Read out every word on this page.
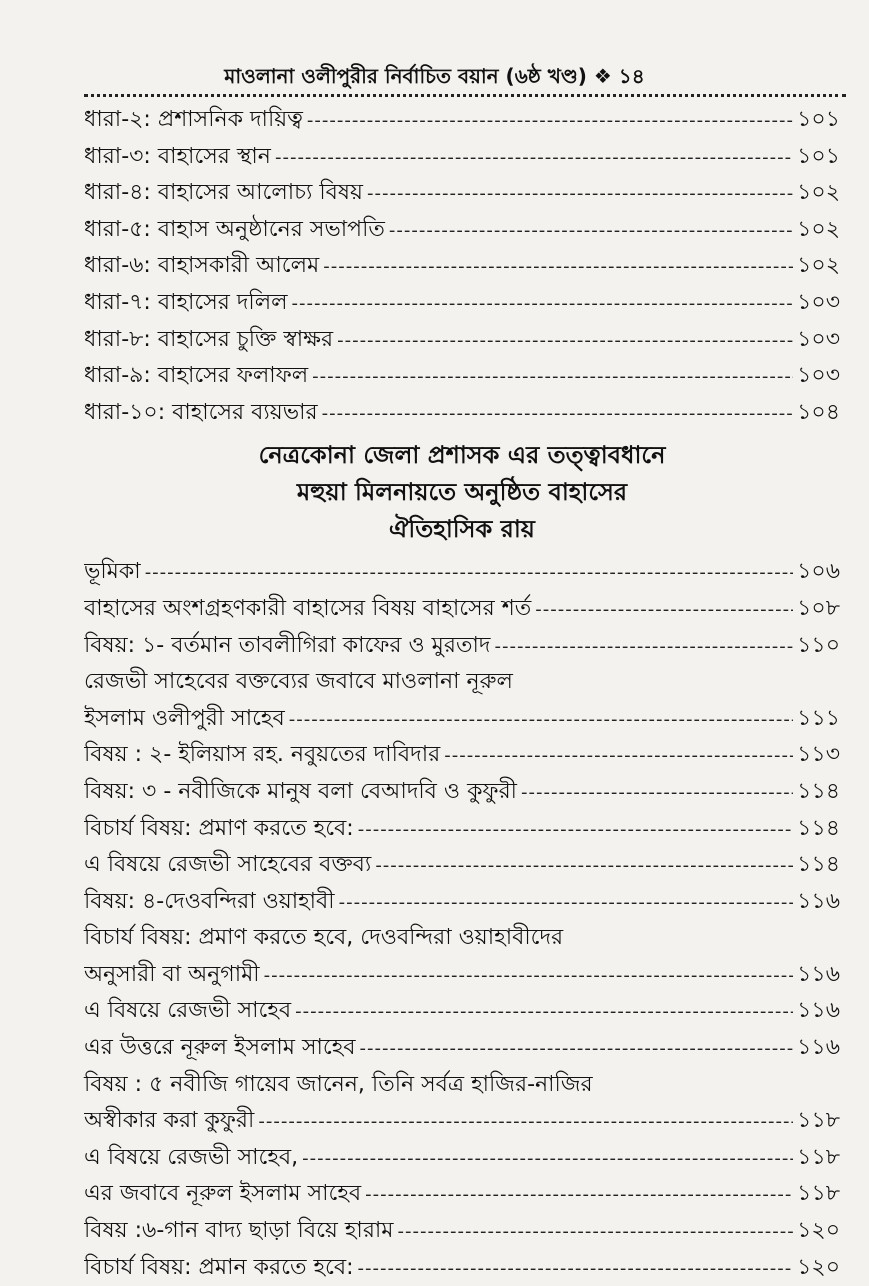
মাওলানা ওলীপুরীর নির্বাচিত বয়ান (৬ষ্ঠ খণ্ড) ❖ ১৪
ধারা-২: প্রশাসনিক দায়িত্ব -----	১০১
ধারা-৩: বাহাসের স্থান -----	১০১
ধারা-৪: বাহাসের আলোচ্য বিষয় -----	১০২
ধারা-৫: বাহাস অনুষ্ঠানের সভাপতি -----	১০২
ধারা-৬: বাহাসকারী আলেম -----	১০২
ধারা-৭: বাহাসের দলিল -----	১০৩
ধারা-৮: বাহাসের চুক্তি স্বাক্ষর -----	১০৩
ধারা-৯: বাহাসের ফলাফল -----	১০৩
ধারা-১০: বাহাসের ব্যয়ভার -----	১০৪
নেত্রকোনা জেলা প্রশাসক এর তত্ত্বাবধানে
মহুয়া মিলনায়তে অনুষ্ঠিত বাহাসের
ঐতিহাসিক রায়
ভূমিকা -----	১০৬
বাহাসের অংশগ্রহণকারী বাহাসের বিষয় বাহাসের শর্ত -----	১০৮
বিষয়: ১- বর্তমান তাবলীগিরা কাফের ও মুরতাদ -----	১১০
রেজভী সাহেবের বক্তব্যের জবাবে মাওলানা নূরুল
ইসলাম ওলীপুরী সাহেব -----	১১১
বিষয় : ২- ইলিয়াস রহ. নবুয়তের দাবিদার -----	১১৩
বিষয়: ৩ - নবীজিকে মানুষ বলা বেআদবি ও কুফুরী -----	১১৪
বিচার্য বিষয়: প্রমাণ করতে হবে: -----	১১৪
এ বিষয়ে রেজভী সাহেবের বক্তব্য -----	১১৪
বিষয়: ৪-দেওবন্দিরা ওয়াহাবী -----	১১৬
বিচার্য বিষয়: প্রমাণ করতে হবে, দেওবন্দিরা ওয়াহাবীদের
অনুসারী বা অনুগামী -----	১১৬
এ বিষয়ে রেজভী সাহেব -----	১১৬
এর উত্তরে নূরুল ইসলাম সাহেব -----	১১৬
বিষয় : ৫ নবীজি গায়েব জানেন, তিনি সর্বত্র হাজির-নাজির
অস্বীকার করা কুফুরী -----	১১৮
এ বিষয়ে রেজভী সাহেব, -----	১১৮
এর জবাবে নূরুল ইসলাম সাহেব -----	১১৮
বিষয় :৬-গান বাদ্য ছাড়া বিয়ে হারাম -----	১২০
বিচার্য বিষয়: প্রমান করতে হবে: -----	১২০
